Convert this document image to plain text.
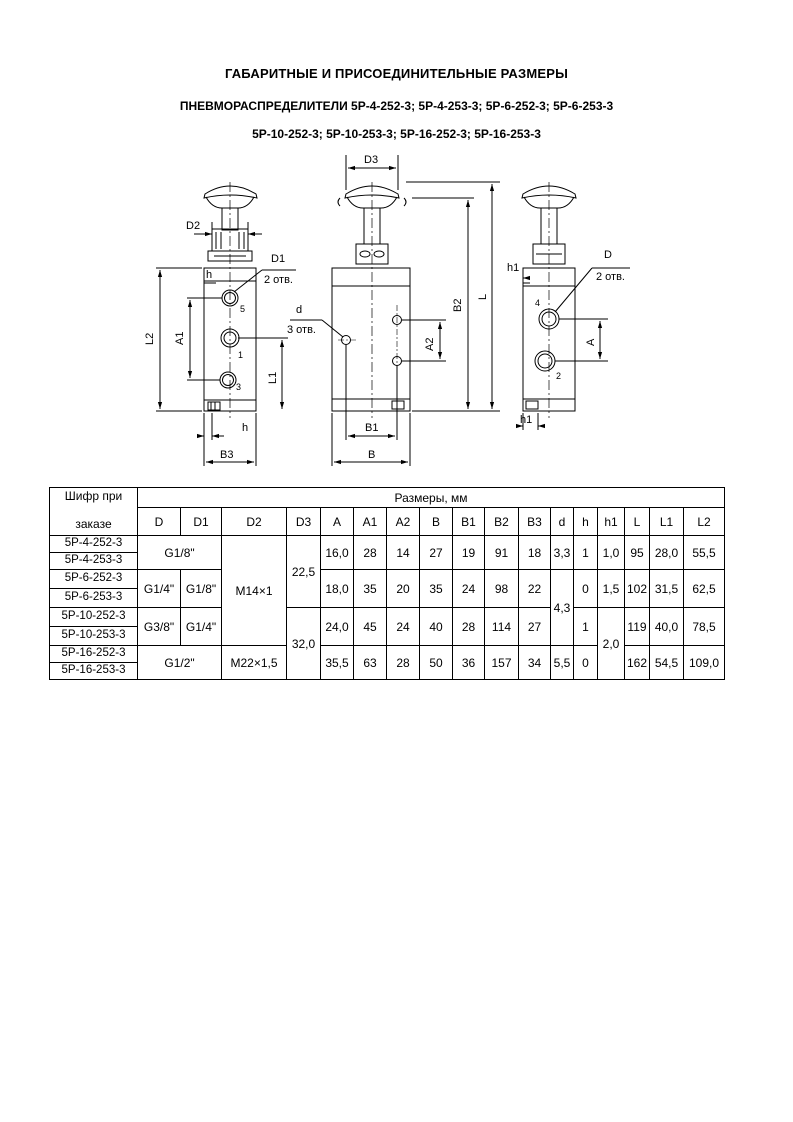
ГАБАРИТНЫЕ И ПРИСОЕДИНИТЕЛЬНЫЕ РАЗМЕРЫ
ПНЕВМОРАСПРЕДЕЛИТЕЛИ 5Р-4-252-3; 5Р-4-253-3; 5Р-6-252-3; 5Р-6-253-3
5Р-10-252-3; 5Р-10-253-3; 5Р-16-252-3; 5Р-16-253-3
D2
D1
2 отв.
h
5
1
3
L2 A1
L1
h
B3
D3
d
3 отв.
A2
B2
L
B1
B
h1
D
2 отв.
4
2
A
h1
Шифр при
заказе	Размеры, мм																
	D	D1	D2	D3	A	A1	A2	B	B1	B2	B3	d	h	h1	L	L1	L2
5Р-4-252-3	G1/8"		М14×1	22,5	16,0	28	14	27	19	91	18	3,3	1	1,0	95	28,0	55,5
5Р-4-253-3																	
5Р-6-252-3	G1/4"	G1/8"			18,0	35	20	35	24	98	22	4,3	0	1,5	102	31,5	62,5
5Р-6-253-3																	
5Р-10-252-3	G3/8"	G1/4"		32,0	24,0	45	24	40	28	114	27		1	2,0	119	40,0	78,5
5Р-10-253-3																	
5Р-16-252-3	G1/2"		М22×1,5		35,5	63	28	50	36	157	34	5,5	0		162	54,5	109,0
5Р-16-253-3																	
